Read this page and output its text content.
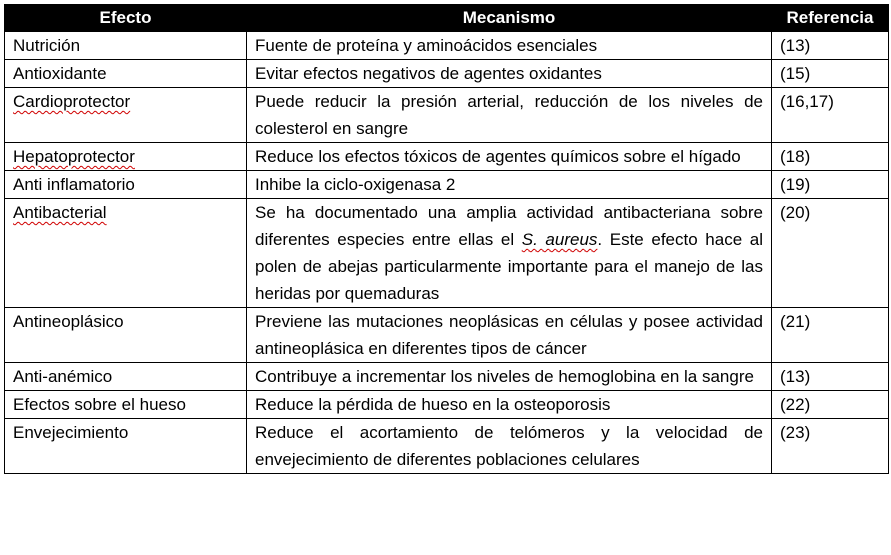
Efecto	Mecanismo	Referencia
Nutrición	Fuente de proteína y aminoácidos esenciales	(13)
Antioxidante	Evitar efectos negativos de agentes oxidantes	(15)
Cardioprotector	Puede reducir la presión arterial, reducción de los niveles de colesterol en sangre	(16,17)
Hepatoprotector	Reduce los efectos tóxicos de agentes químicos sobre el hígado	(18)
Anti inflamatorio	Inhibe la ciclo-oxigenasa 2	(19)
Antibacterial	Se ha documentado una amplia actividad antibacteriana sobre diferentes especies entre ellas el S. aureus. Este efecto hace al polen de abejas particularmente importante para el manejo de las heridas por quemaduras	(20)
Antineoplásico	Previene las mutaciones neoplásicas en células y posee actividad antineoplásica en diferentes tipos de cáncer	(21)
Anti-anémico	Contribuye a incrementar los niveles de hemoglobina en la sangre	(13)
Efectos sobre el hueso	Reduce la pérdida de hueso en la osteoporosis	(22)
Envejecimiento	Reduce el acortamiento de telómeros y la velocidad de envejecimiento de diferentes poblaciones celulares	(23)
